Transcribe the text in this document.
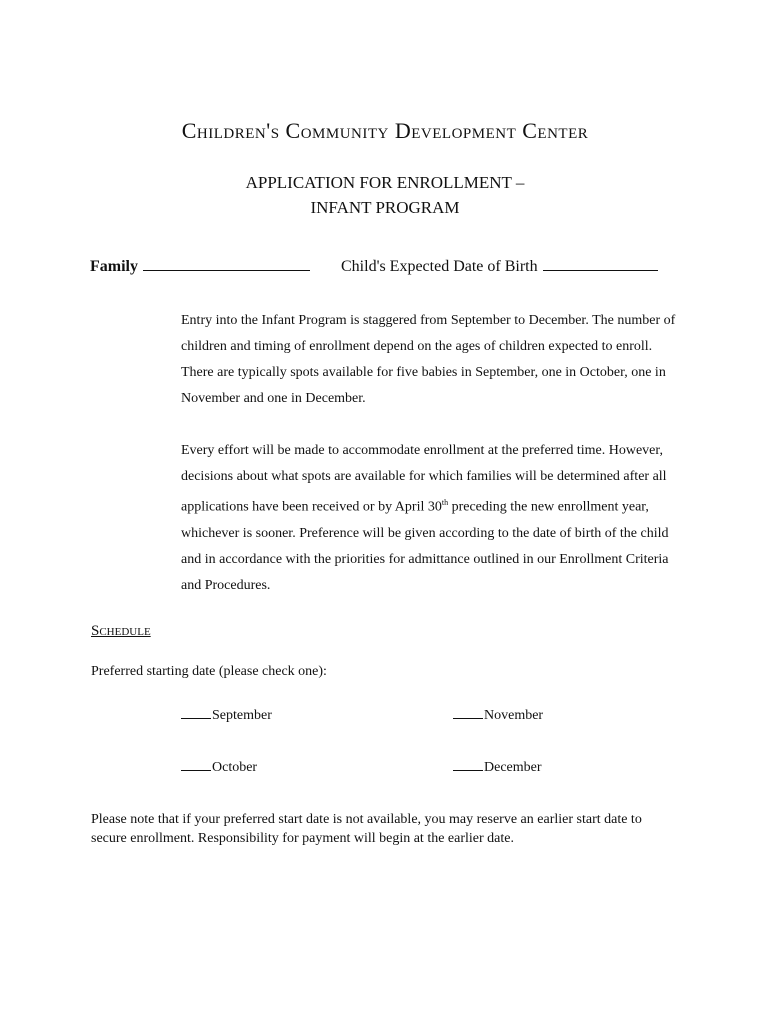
Children's Community Development Center
APPLICATION FOR ENROLLMENT –
INFANT PROGRAM
Family	Child's Expected Date of Birth

Entry into the Infant Program is staggered from September to December. The number of children and timing of enrollment depend on the ages of children expected to enroll. There are typically spots available for five babies in September, one in October, one in November and one in December.

Every effort will be made to accommodate enrollment at the preferred time. However, decisions about what spots are available for which families will be determined after all applications have been received or by April 30th preceding the new enrollment year, whichever is sooner. Preference will be given according to the date of birth of the child and in accordance with the priorities for admittance outlined in our Enrollment Criteria and Procedures.

Schedule
Preferred starting date (please check one):
September	November
October	December

Please note that if your preferred start date is not available, you may reserve an earlier start date to secure enrollment. Responsibility for payment will begin at the earlier date.
